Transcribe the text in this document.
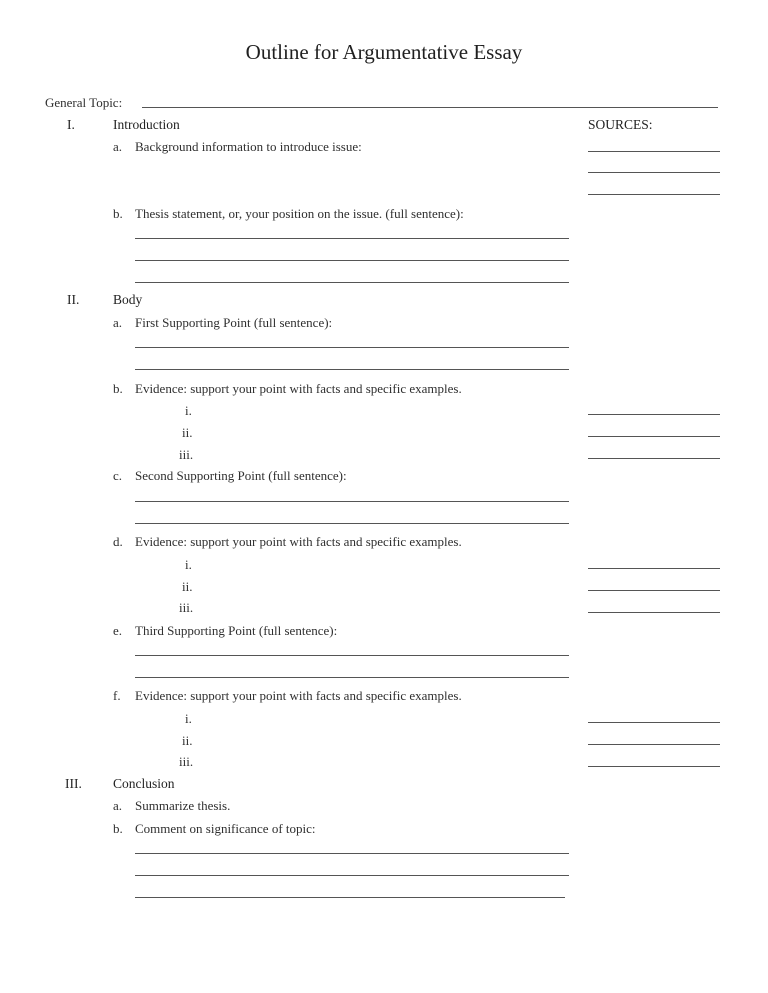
Outline for Argumentative Essay
General Topic:
I.	Introduction	SOURCES:
a. Background information to introduce issue:
b. Thesis statement, or, your position on the issue. (full sentence):
II. Body
a. First Supporting Point (full sentence):
b. Evidence: support your point with facts and specific examples.
i.
ii.
iii.
c. Second Supporting Point (full sentence):
d. Evidence: support your point with facts and specific examples.
i.
ii.
iii.
e. Third Supporting Point (full sentence):
f. Evidence: support your point with facts and specific examples.
i.
ii.
iii.
III. Conclusion
a. Summarize thesis.
b. Comment on significance of topic:
